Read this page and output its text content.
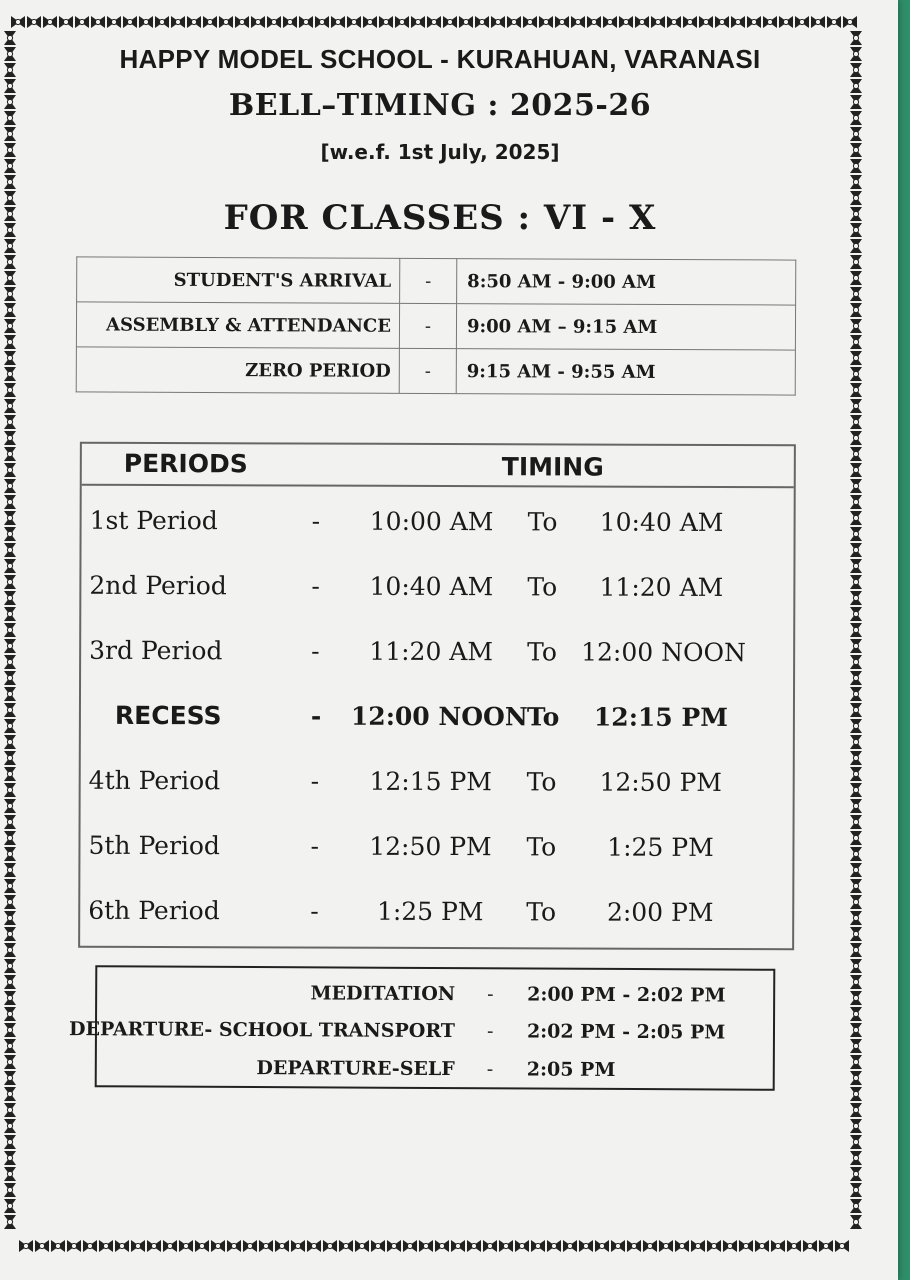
HAPPY MODEL SCHOOL - KURAHUAN, VARANASI
BELL–TIMING : 2025-26
[w.e.f. 1st July, 2025]
FOR CLASSES : VI - X
STUDENT'S ARRIVAL	-	8:50 AM - 9:00 AM
ASSEMBLY & ATTENDANCE	-	9:00 AM – 9:15 AM
ZERO PERIOD	-	9:15 AM - 9:55 AM
PERIODS	TIMING
1st Period	-	10:00 AM	To	10:40 AM
2nd Period	-	10:40 AM	To	11:20 AM
3rd Period	-	11:20 AM	To 12:00 NOON
RECESS	- 12:00 NOON To	12:15 PM
4th Period	-	12:15 PM	To	12:50 PM
5th Period	-	12:50 PM	To	1:25 PM
6th Period	-	1:25 PM	To	2:00 PM
MEDITATION - 2:00 PM - 2:02 PM
DEPARTURE- SCHOOL TRANSPORT - 2:02 PM - 2:05 PM
DEPARTURE-SELF - 2:05 PM
